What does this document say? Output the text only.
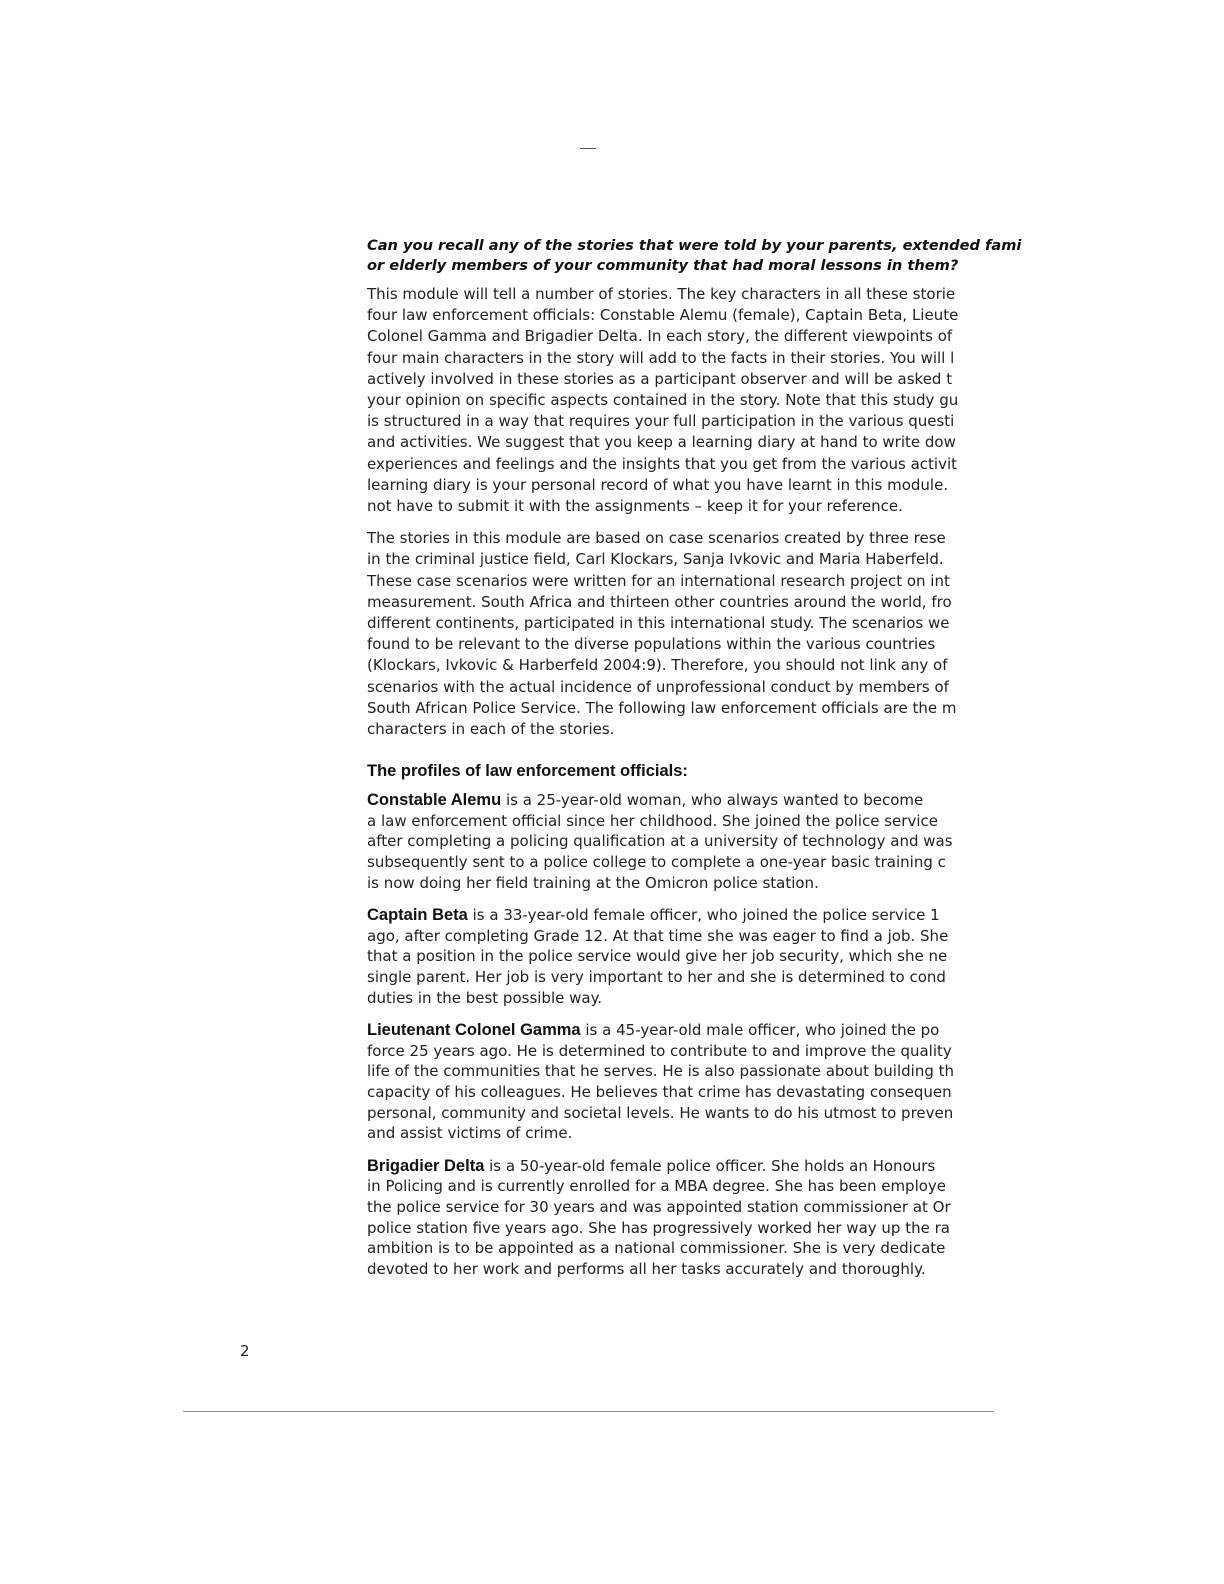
Can you recall any of the stories that were told by your parents, extended fami
or elderly members of your community that had moral lessons in them?
This module will tell a number of stories. The key characters in all these storie
four law enforcement officials: Constable Alemu (female), Captain Beta, Lieute
Colonel Gamma and Brigadier Delta. In each story, the different viewpoints of
four main characters in the story will add to the facts in their stories. You will l
actively involved in these stories as a participant observer and will be asked t
your opinion on specific aspects contained in the story. Note that this study gu
is structured in a way that requires your full participation in the various questi
and activities. We suggest that you keep a learning diary at hand to write dow
experiences and feelings and the insights that you get from the various activit
learning diary is your personal record of what you have learnt in this module.
not have to submit it with the assignments – keep it for your reference.
The stories in this module are based on case scenarios created by three rese
in the criminal justice field, Carl Klockars, Sanja Ivkovic and Maria Haberfeld.
These case scenarios were written for an international research project on int
measurement. South Africa and thirteen other countries around the world, fro
different continents, participated in this international study. The scenarios we
found to be relevant to the diverse populations within the various countries
(Klockars, Ivkovic & Harberfeld 2004:9). Therefore, you should not link any of
scenarios with the actual incidence of unprofessional conduct by members of
South African Police Service. The following law enforcement officials are the m
characters in each of the stories.
The profiles of law enforcement officials:
Constable Alemu is a 25-year-old woman, who always wanted to become
a law enforcement official since her childhood. She joined the police service
after completing a policing qualification at a university of technology and was
subsequently sent to a police college to complete a one-year basic training c
is now doing her field training at the Omicron police station.
Captain Beta is a 33-year-old female officer, who joined the police service 1
ago, after completing Grade 12. At that time she was eager to find a job. She
that a position in the police service would give her job security, which she ne
single parent. Her job is very important to her and she is determined to cond
duties in the best possible way.
Lieutenant Colonel Gamma is a 45-year-old male officer, who joined the po
force 25 years ago. He is determined to contribute to and improve the quality
life of the communities that he serves. He is also passionate about building th
capacity of his colleagues. He believes that crime has devastating consequen
personal, community and societal levels. He wants to do his utmost to preven
and assist victims of crime.
Brigadier Delta is a 50-year-old female police officer. She holds an Honours
in Policing and is currently enrolled for a MBA degree. She has been employe
the police service for 30 years and was appointed station commissioner at Or
police station five years ago. She has progressively worked her way up the ra
ambition is to be appointed as a national commissioner. She is very dedicate
devoted to her work and performs all her tasks accurately and thoroughly.
2
